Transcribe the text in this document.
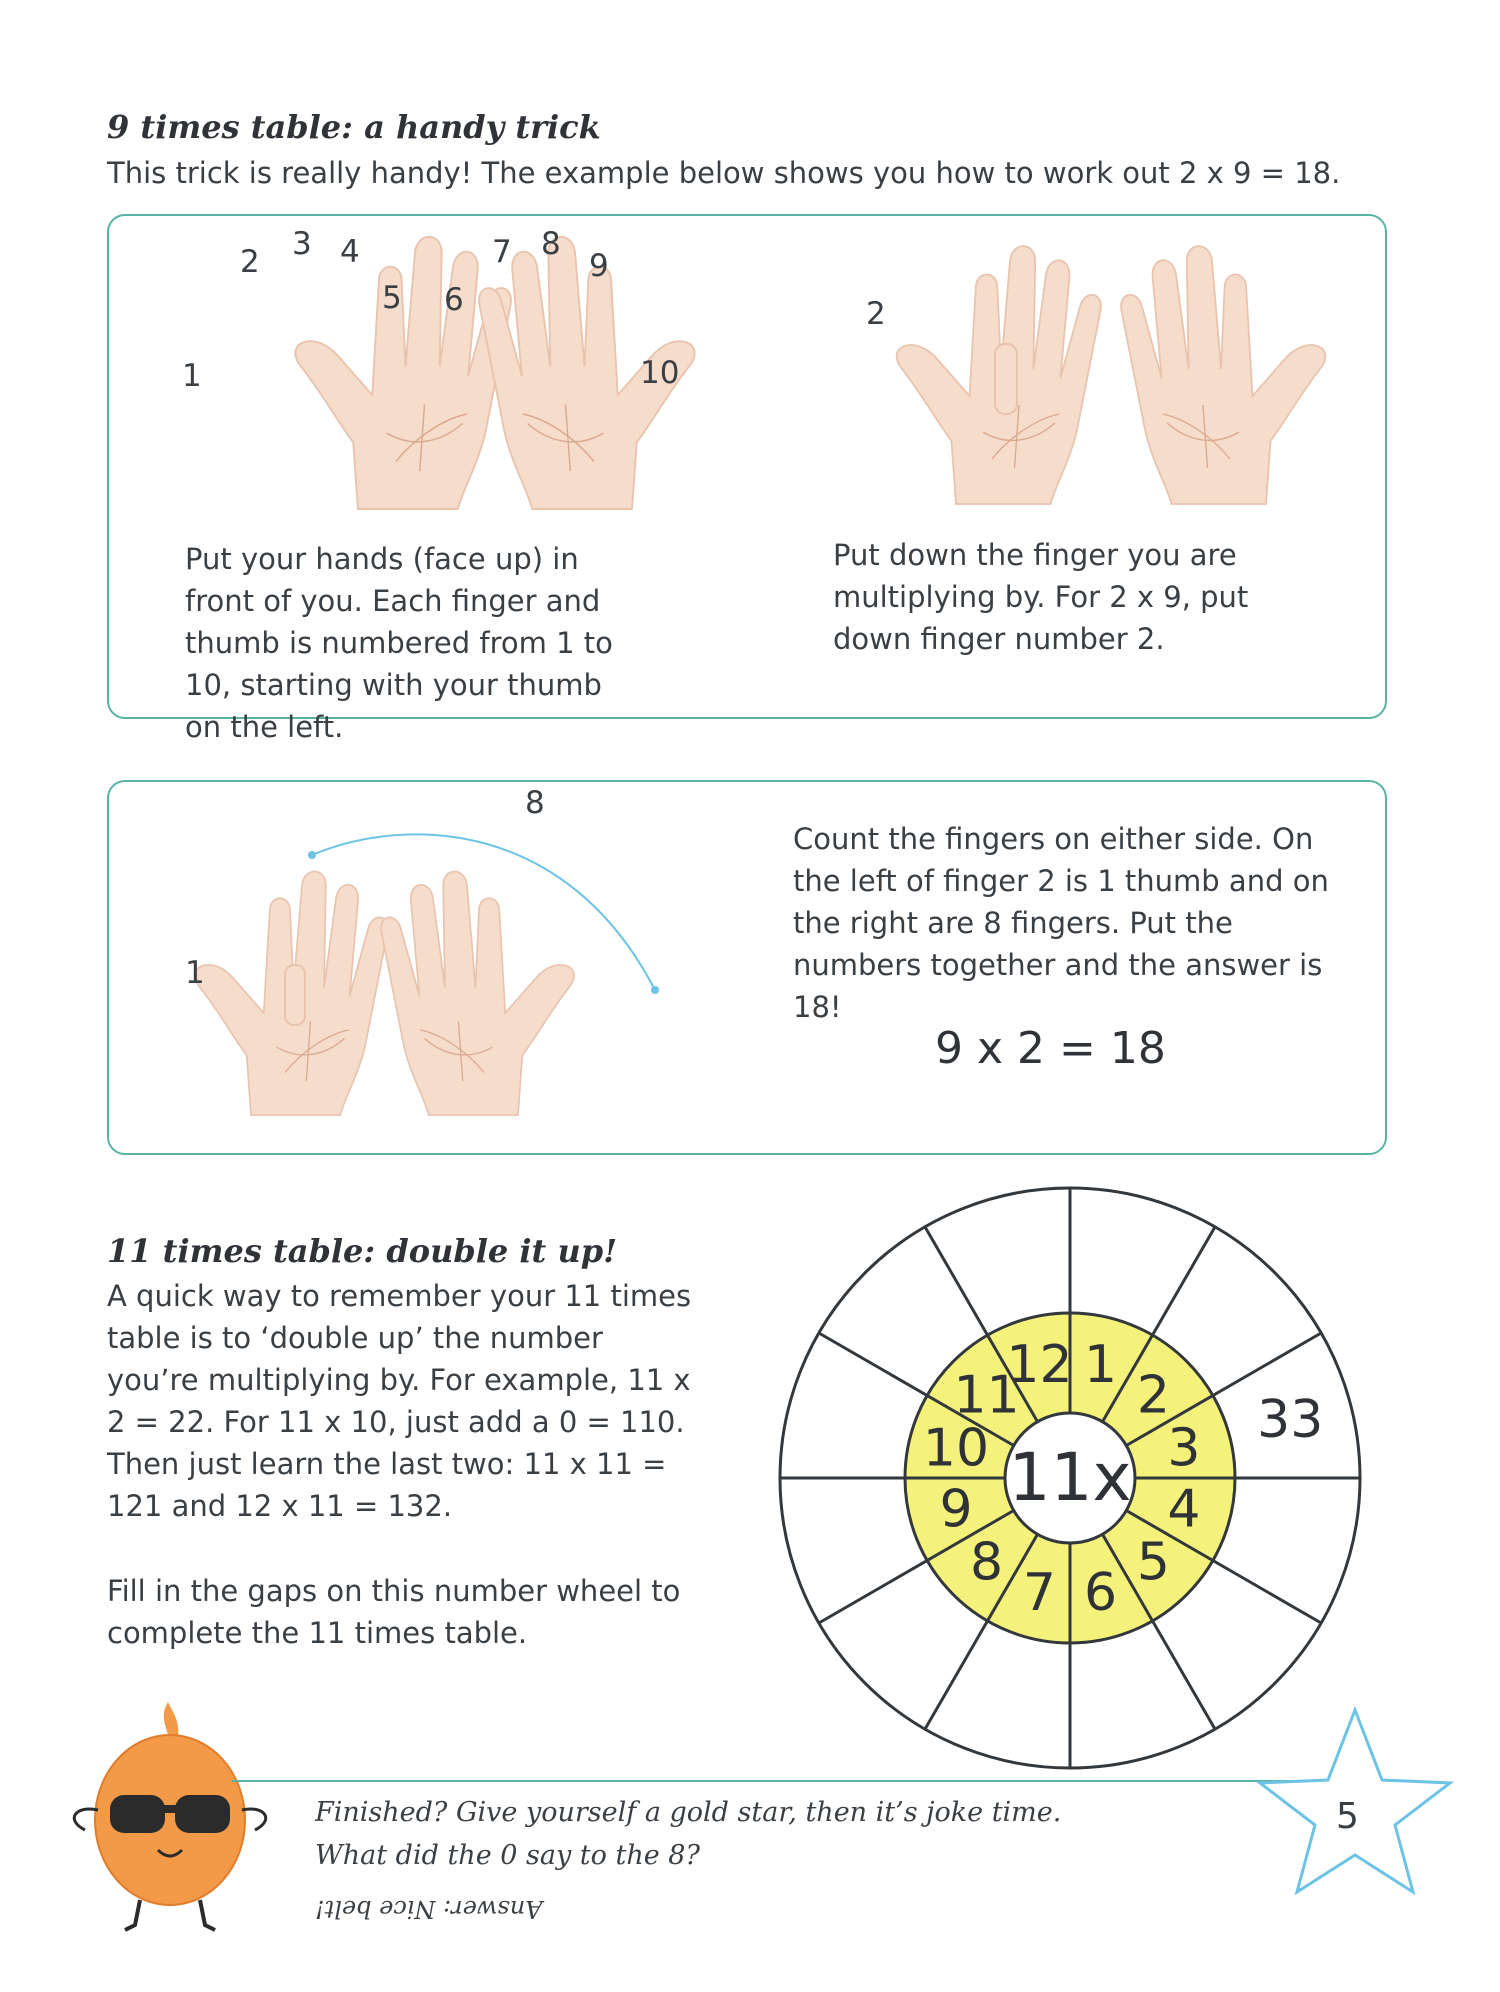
9 times table: a handy trick
This trick is really handy! The example below shows you how to work out 2 x 9 = 18.
1
2 3 4
5 6
7 8
9
10
2
Put your hands (face up) in front of you. Each finger and thumb is numbered from 1 to 10, starting with your thumb on the left.
Put down the finger you are multiplying by. For 2 x 9, put down finger number 2.
1
8
Count the fingers on either side. On the left of finger 2 is 1 thumb and on the right are 8 fingers. Put the numbers together and the answer is 18!
9 x 2 = 18
11 times table: double it up!
A quick way to remember your 11 times table is to ‘double up’ the number you’re multiplying by. For example, 11 x 2 = 22. For 11 x 10, just add a 0 = 110. Then just learn the last two: 11 x 11 = 121 and 12 x 11 = 132.
Fill in the gaps on this number wheel to complete the 11 times table.
11x
12 1
2
3
4
5
6
7
8
9
10
11	33
Finished? Give yourself a gold star, then it’s joke time.
What did the 0 say to the 8?
Answer: Nice belt!
5
